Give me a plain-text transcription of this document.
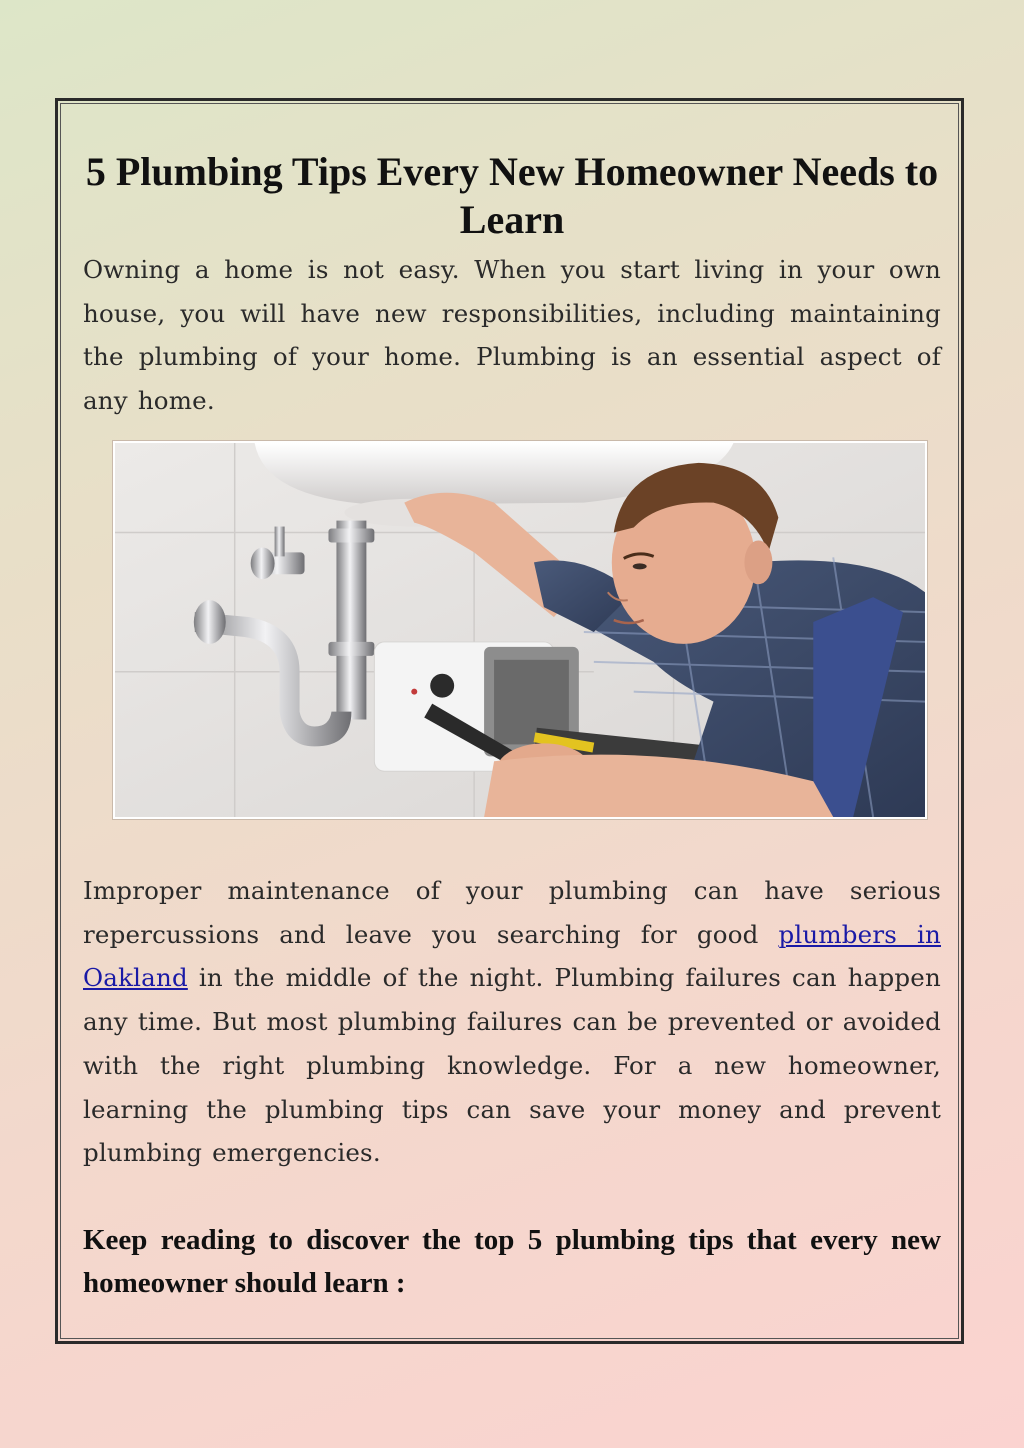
5 Plumbing Tips Every New Homeowner Needs to Learn

Owning a home is not easy. When you start living in your own house, you will have new responsibilities, including maintaining the plumbing of your home. Plumbing is an essential aspect of any home.

Improper maintenance of your plumbing can have serious repercussions and leave you searching for good plumbers in Oakland in the middle of the night. Plumbing failures can happen any time. But most plumbing failures can be prevented or avoided with the right plumbing knowledge. For a new homeowner, learning the plumbing tips can save your money and prevent plumbing emergencies.

Keep reading to discover the top 5 plumbing tips that every new homeowner should learn :
